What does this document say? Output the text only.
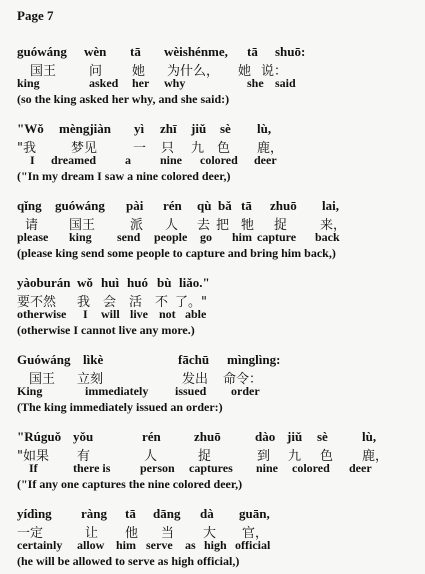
Page 7
guówáng wèn tā wèishénme, tā shuō:
国王	问 她 为什么， 她 说：
king	asked her why	she said
(so the king asked her why, and she said:)
"Wǒ mèngjiàn yì zhī jiǔ sè lù,
"我	梦见	一 只 九 色 鹿，
I dreamed a nine colored deer
("In my dream I saw a nine colored deer,)
qǐng guówáng pài rén qù bǎ tā zhuō lai,
请 国王	派 人 去 把 牠 捉	来，
please king send people go him capture back
(please king send some people to capture and bring him back,)
yàoburán wǒ huì huó bù liǎo."
要不然 我 会 活 不 了。"
otherwise I will live not able
(otherwise I cannot live any more.)
Guówáng lìkè	fāchū mìnglìng:
国王 立刻	发出 命令：
King	immediately issued order
(The king immediately issued an order:)
"Rúguǒ yǒu	rén	zhuō	dào jiǔ sè	lù,
"如果 有	人	捉	到 九 色 鹿，
If	there is person captures nine colored deer
("If any one captures the nine colored deer,)
yídìng ràng tā dāng dà guān,
一定	让 他 当 大 官，
certainly allow him serve as high official
(he will be allowed to serve as high official,)
